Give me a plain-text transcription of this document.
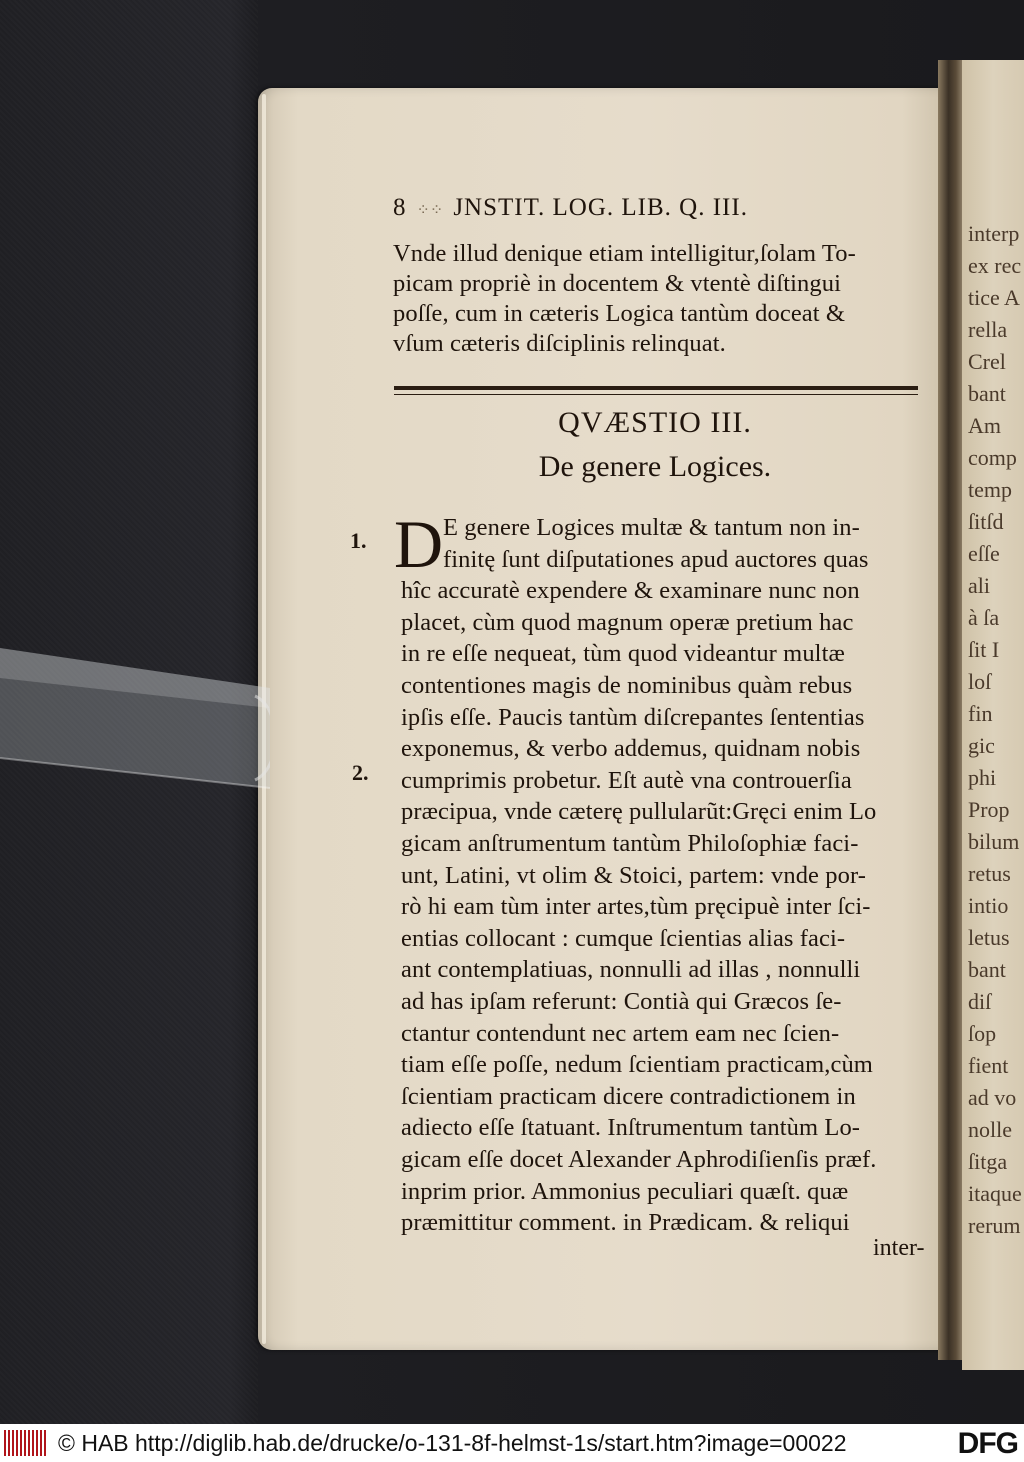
interp
ex rec
tice A
rella
Crel
bant
Am
comp
temp
ſitſd
eſſe
ali
à ſa
ſit I
loſ
fin
gic
phi
Prop
bilum
retus
intio
letus
bant
diſ
ſop
fient
ad vo
nolle
ſitga
itaque
rerum
8 ⁘⁘ JNSTIT. LOG. LIB. Q. III.
Vnde illud denique etiam intelligitur,ſolam To-
picam propriè in docentem & vtentè diſtingui
poſſe, cum in cæteris Logica tantùm doceat &
vſum cæteris diſciplinis relinquat.
QVÆSTIO III.
De genere Logices.
D
1.
2.
E genere Logices multæ & tantum non in-
finitę ſunt diſputationes apud auctores quas
hîc accuratè expendere & examinare nunc non
placet, cùm quod magnum operæ pretium hac
in re eſſe nequeat, tùm quod videantur multæ
contentiones magis de nominibus quàm rebus
ipſis eſſe. Paucis tantùm diſcrepantes ſententias
exponemus, & verbo addemus, quidnam nobis
cumprimis probetur. Eſt autè vna controuerſia
præcipua, vnde cæterę pullularũt:Gręci enim Lo
gicam anſtrumentum tantùm Philoſophiæ faci-
unt, Latini, vt olim & Stoici, partem: vnde por-
rò hi eam tùm inter artes,tùm pręcipuè inter ſci-
entias collocant : cumque ſcientias alias faci-
ant contemplatiuas, nonnulli ad illas , nonnulli
ad has ipſam referunt: Contià qui Græcos ſe-
ctantur contendunt nec artem eam nec ſcien-
tiam eſſe poſſe, nedum ſcientiam practicam,cùm
ſcientiam practicam dicere contradictionem in
adiecto eſſe ſtatuant. Inſtrumentum tantùm Lo-
gicam eſſe docet Alexander Aphrodiſienſis præf.
inprim prior. Ammonius peculiari quæſt. quæ
præmittitur comment. in Prædicam. & reliqui
inter-
© HAB http://diglib.hab.de/drucke/o-131-8f-helmst-1s/start.htm?image=00022	DFG
